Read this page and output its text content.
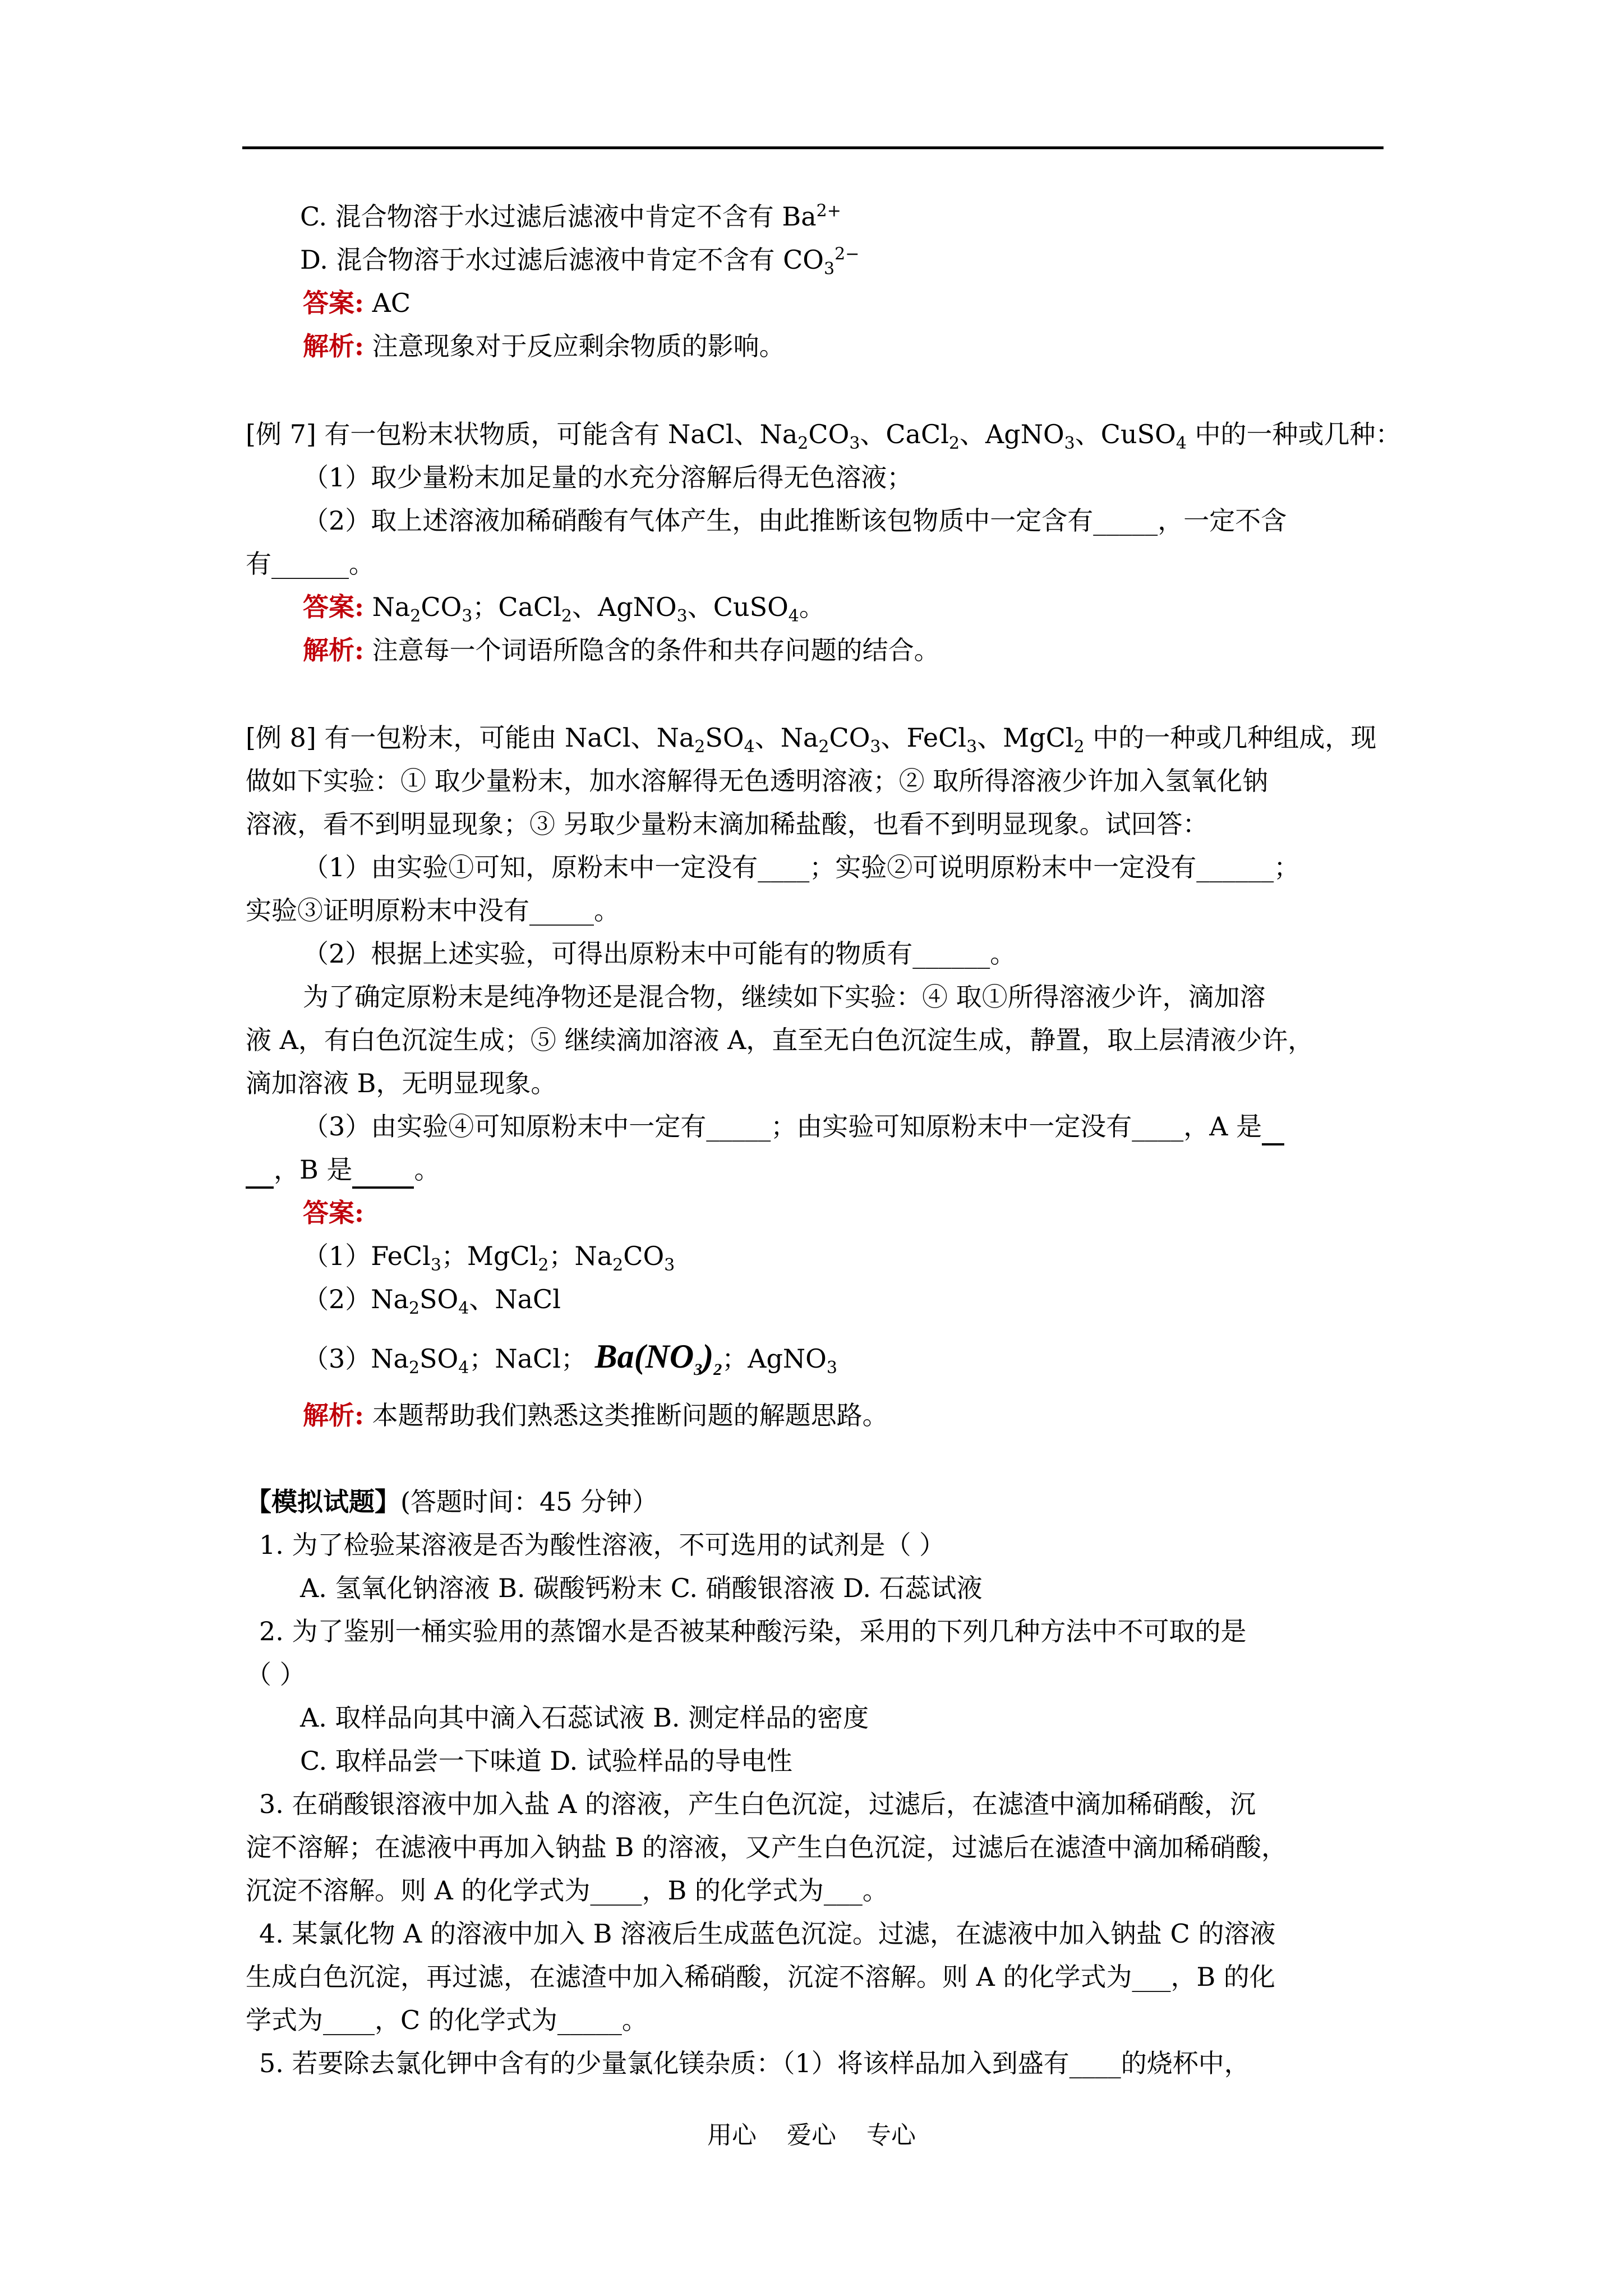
C. 混合物溶于水过滤后滤液中肯定不含有 $Ba^{2+}$
D. 混合物溶于水过滤后滤液中肯定不含有 $CO_3^{2-}$
答案: AC
解析: 注意现象对于反应剩余物质的影响。
[例 7] 有一包粉末状物质，可能含有 NaCl、$Na_2CO_3$、CaCl$_2$、AgNO$_3$、CuSO$_4$ 中的一种或几种：
（1）取少量粉末加足量的水充分溶解后得无色溶液；
（2）取上述溶液加稀硝酸有气体产生，由此推断该包物质中一定含有_____，一定不含
有______。
答案: $Na_2CO_3$；CaCl$_2$、AgNO$_3$、CuSO$_4$。
解析: 注意每一个词语所隐含的条件和共存问题的结合。
[例 8] 有一包粉末，可能由 NaCl、$Na_2SO_4$、$Na_2CO_3$、FeCl$_3$、MgCl$_2$ 中的一种或几种组成，现
做如下实验：① 取少量粉末，加水溶解得无色透明溶液；② 取所得溶液少许加入氢氧化钠
溶液，看不到明显现象；③ 另取少量粉末滴加稀盐酸，也看不到明显现象。试回答：
（1）由实验①可知，原粉末中一定没有____；实验②可说明原粉末中一定没有______；
实验③证明原粉末中没有_____。
（2）根据上述实验，可得出原粉末中可能有的物质有______。
为了确定原粉末是纯净物还是混合物，继续如下实验：④ 取①所得溶液少许，滴加溶
液 A，有白色沉淀生成；⑤ 继续滴加溶液 A，直至无白色沉淀生成，静置，取上层清液少许，
滴加溶液 B，无明显现象。
（3）由实验④可知原粉末中一定有_____；由实验可知原粉末中一定没有____，A 是
，B 是 。
答案:
（1）FeCl$_3$；MgCl$_2$；$Na_2CO_3$
$(2)Na_2SO_4$、NaCl
$(3)Na_2SO_4$；NaCl； $Ba(NO_3)_2$；AgNO$_3$
解析: 本题帮助我们熟悉这类推断问题的解题思路。
【模拟试题】(答题时间：45 分钟）
1. 为了检验某溶液是否为酸性溶液，不可选用的试剂是（ ）
A. 氢氧化钠溶液 B. 碳酸钙粉末 C. 硝酸银溶液 D. 石蕊试液
2. 为了鉴别一桶实验用的蒸馏水是否被某种酸污染，采用的下列几种方法中不可取的是
（ ）
A. 取样品向其中滴入石蕊试液 B. 测定样品的密度
C. 取样品尝一下味道 D. 试验样品的导电性
3. 在硝酸银溶液中加入盐 A 的溶液，产生白色沉淀，过滤后，在滤渣中滴加稀硝酸，沉
淀不溶解；在滤液中再加入钠盐 B 的溶液，又产生白色沉淀，过滤后在滤渣中滴加稀硝酸，
沉淀不溶解。则 A 的化学式为____，B 的化学式为___。
4. 某氯化物 A 的溶液中加入 B 溶液后生成蓝色沉淀。过滤，在滤液中加入钠盐 C 的溶液
生成白色沉淀，再过滤，在滤渣中加入稀硝酸，沉淀不溶解。则 A 的化学式为___，B 的化
学式为____，C 的化学式为_____。
5. 若要除去氯化钾中含有的少量氯化镁杂质：（1）将该样品加入到盛有____的烧杯中，
用心 爱心 专心
